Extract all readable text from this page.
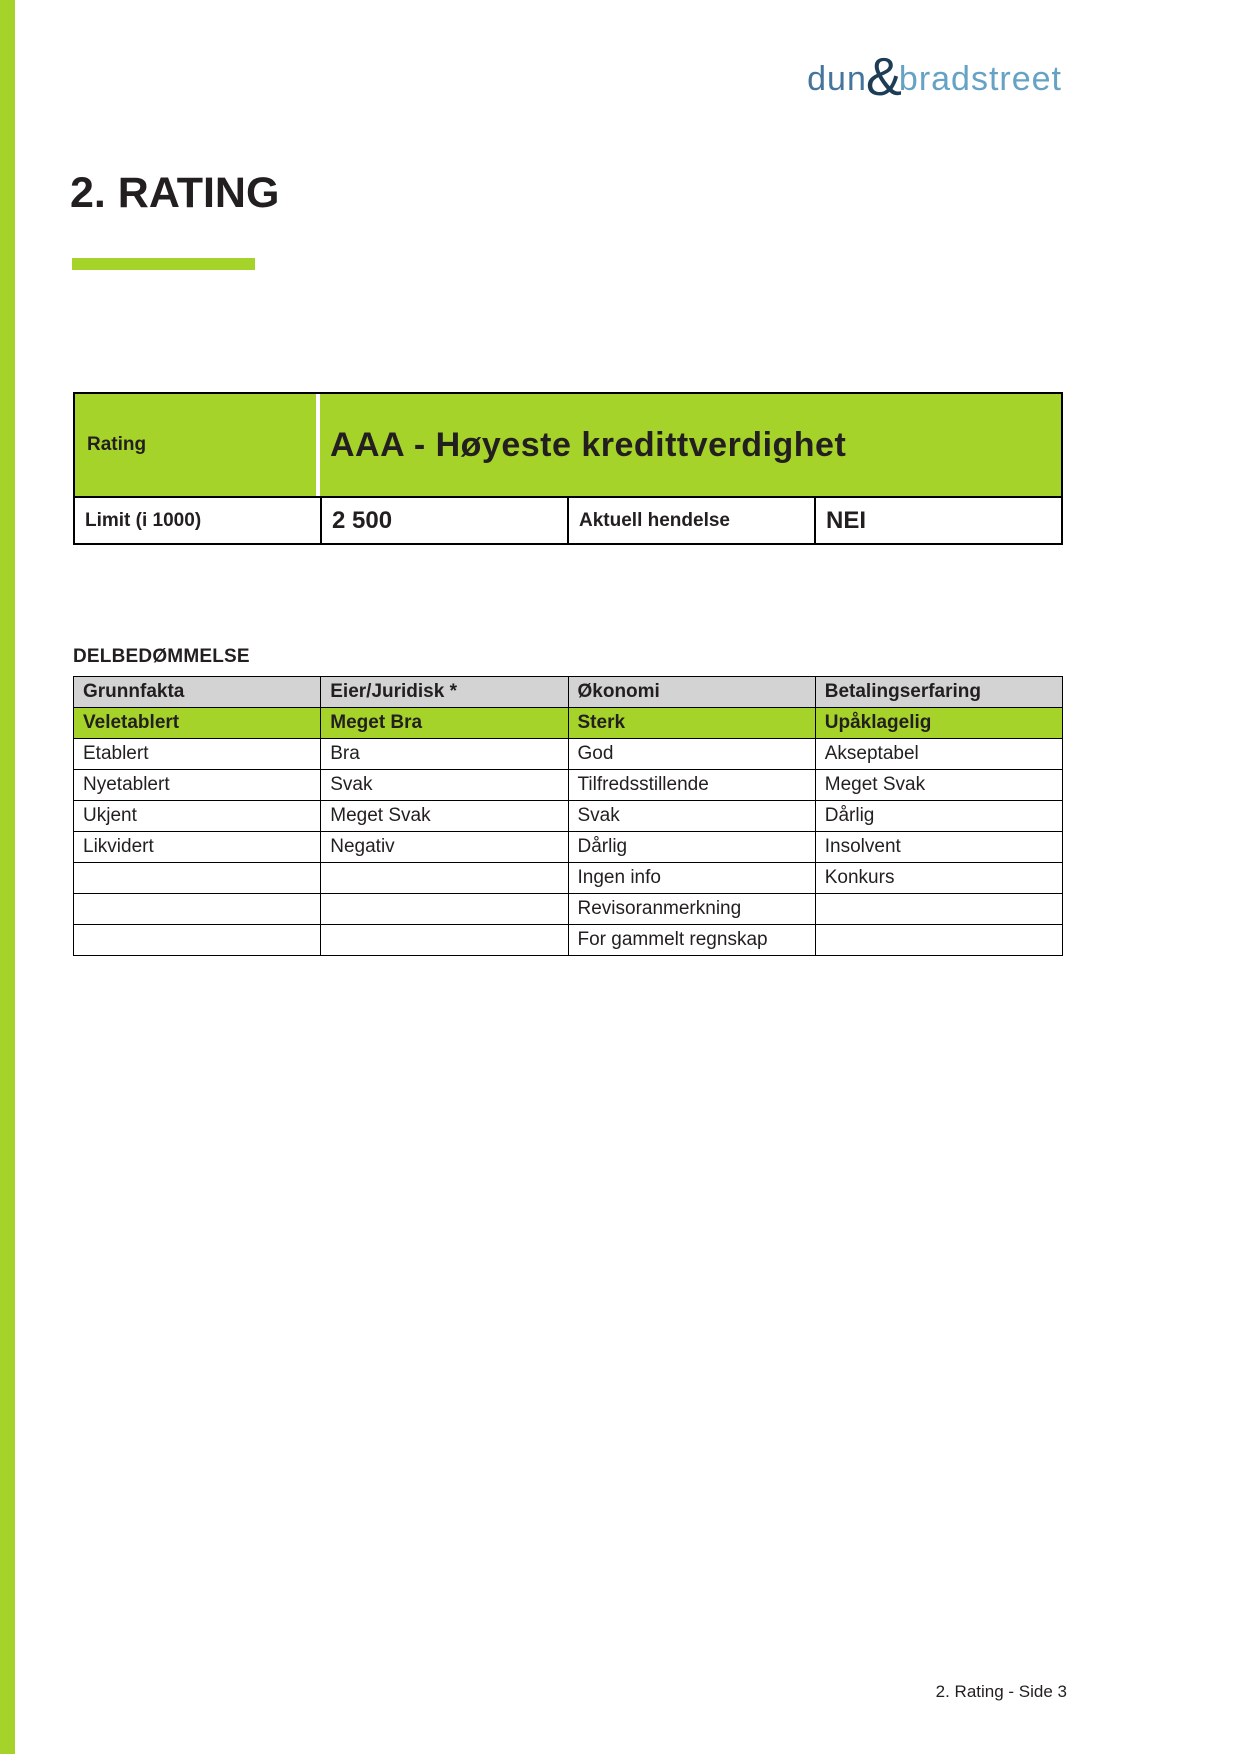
dun &
bradstreet
2. RATING
Rating	AAA - Høyeste kredittverdighet
Limit (i 1000)	2 500	Aktuell hendelse	NEI
DELBEDØMMELSE
Grunnfakta	Eier/Juridisk *	Økonomi	Betalingserfaring
Veletablert	Meget Bra	Sterk	Upåklagelig
Etablert	Bra	God	Akseptabel
Nyetablert	Svak	Tilfredsstillende	Meget Svak
Ukjent	Meget Svak	Svak	Dårlig
Likvidert	Negativ	Dårlig	Insolvent
		Ingen info	Konkurs
		Revisoranmerkning	
		For gammelt regnskap	
2. Rating - Side 3
